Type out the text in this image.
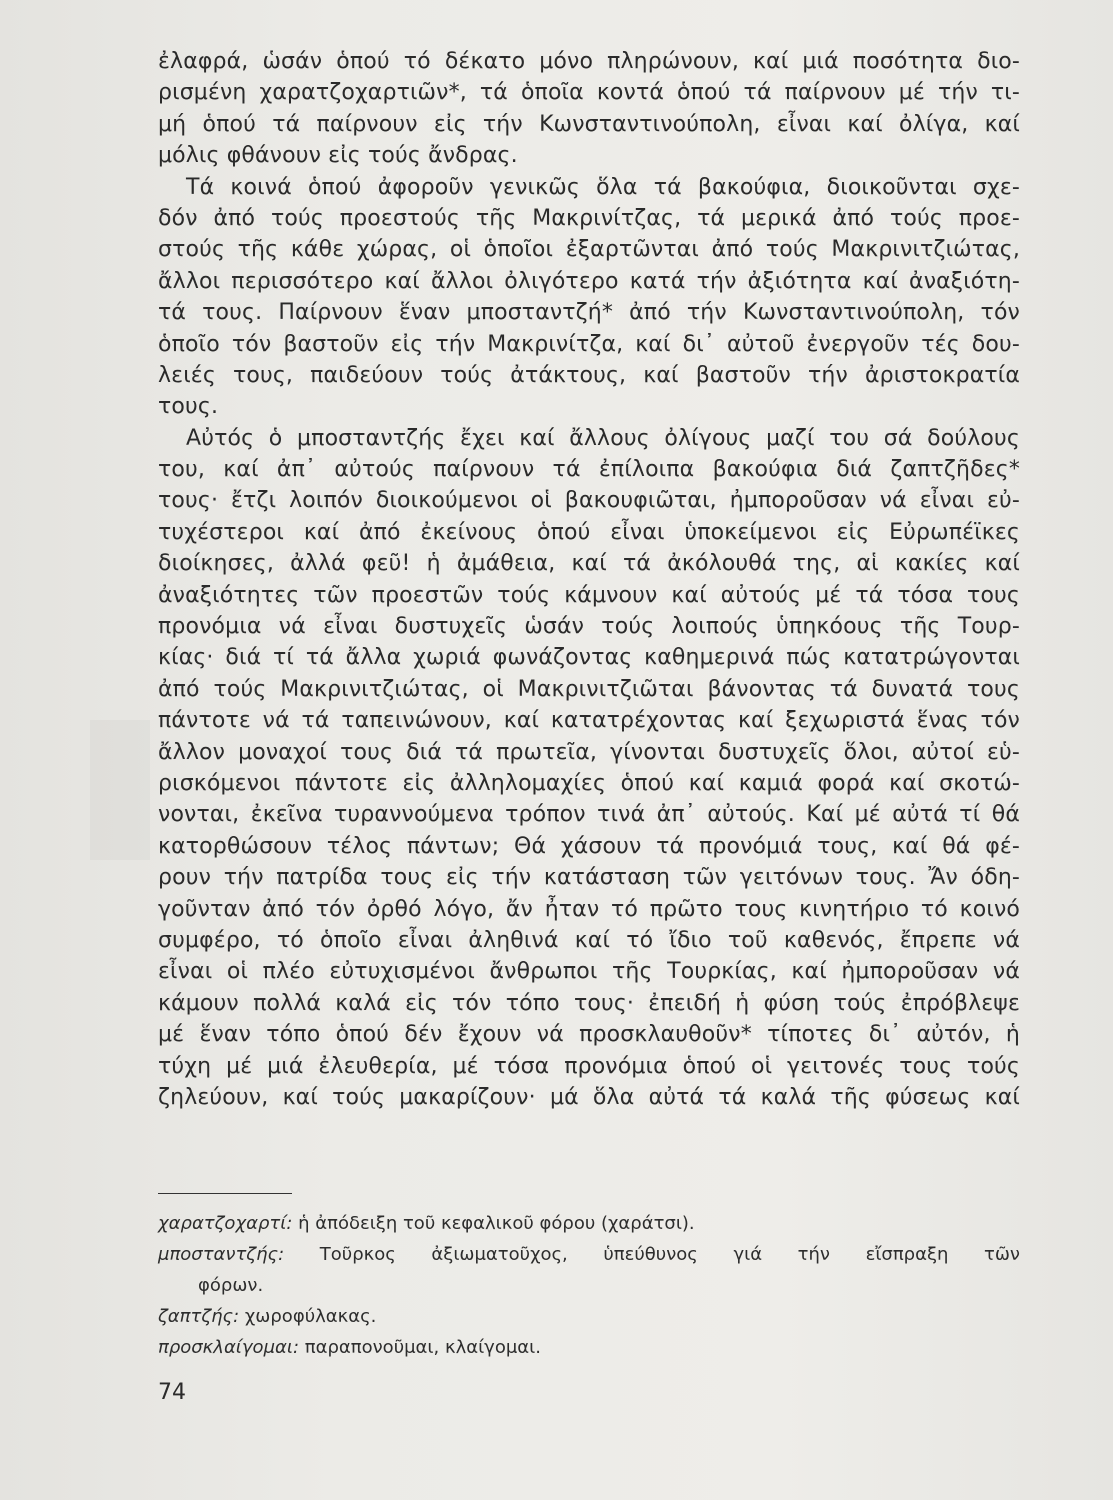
ἐλαφρά, ὡσάν ὁπού τό δέκατο μόνο πληρώνουν, καί μιά ποσότητα διο-
ρισμένη χαρατζοχαρτιῶν*, τά ὁποῖα κοντά ὁπού τά παίρνουν μέ τήν τι-
μή ὁπού τά παίρνουν εἰς τήν Κωνσταντινούπολη, εἶναι καί ὀλίγα, καί
μόλις φθάνουν εἰς τούς ἄνδρας.
Τά κοινά ὁπού ἀφοροῦν γενικῶς ὅλα τά βακούφια, διοικοῦνται σχε-
δόν ἀπό τούς προεστούς τῆς Μακρινίτζας, τά μερικά ἀπό τούς προε-
στούς τῆς κάθε χώρας, οἱ ὁποῖοι ἐξαρτῶνται ἀπό τούς Μακρινιτζιώτας,
ἄλλοι περισσότερο καί ἄλλοι ὀλιγότερο κατά τήν ἀξιότητα καί ἀναξιότη-
τά τους. Παίρνουν ἕναν μποσταντζή* ἀπό τήν Κωνσταντινούπολη, τόν
ὁποῖο τόν βαστοῦν εἰς τήν Μακρινίτζα, καί δι᾽ αὐτοῦ ἐνεργοῦν τές δου-
λειές τους, παιδεύουν τούς ἀτάκτους, καί βαστοῦν τήν ἀριστοκρατία
τους.
Αὐτός ὁ μποσταντζής ἔχει καί ἄλλους ὀλίγους μαζί του σά δούλους
του, καί ἀπ᾽ αὐτούς παίρνουν τά ἐπίλοιπα βακούφια διά ζαπτζῆδες*
τους· ἔτζι λοιπόν διοικούμενοι οἱ βακουφιῶται, ἠμποροῦσαν νά εἶναι εὐ-
τυχέστεροι καί ἀπό ἐκείνους ὁπού εἶναι ὑποκείμενοι εἰς Εὐρωπέϊκες
διοίκησες, ἀλλά φεῦ! ἡ ἀμάθεια, καί τά ἀκόλουθά της, αἱ κακίες καί
ἀναξιότητες τῶν προεστῶν τούς κάμνουν καί αὐτούς μέ τά τόσα τους
προνόμια νά εἶναι δυστυχεῖς ὡσάν τούς λοιπούς ὑπηκόους τῆς Τουρ-
κίας· διά τί τά ἄλλα χωριά φωνάζοντας καθημερινά πώς κατατρώγονται
ἀπό τούς Μακρινιτζιώτας, οἱ Μακρινιτζιῶται βάνοντας τά δυνατά τους
πάντοτε νά τά ταπεινώνουν, καί κατατρέχοντας καί ξεχωριστά ἕνας τόν
ἄλλον μοναχοί τους διά τά πρωτεῖα, γίνονται δυστυχεῖς ὅλοι, αὐτοί εὑ-
ρισκόμενοι πάντοτε εἰς ἀλληλομαχίες ὁπού καί καμιά φορά καί σκοτώ-
νονται, ἐκεῖνα τυραννούμενα τρόπον τινά ἀπ᾽ αὐτούς. Καί μέ αὐτά τί θά
κατορθώσουν τέλος πάντων; Θά χάσουν τά προνόμιά τους, καί θά φέ-
ρουν τήν πατρίδα τους εἰς τήν κατάσταση τῶν γειτόνων τους. Ἄν όδη-
γοῦνταν ἀπό τόν ὀρθό λόγο, ἄν ἦταν τό πρῶτο τους κινητήριο τό κοινό
συμφέρο, τό ὁποῖο εἶναι ἀληθινά καί τό ἴδιο τοῦ καθενός, ἔπρεπε νά
εἶναι οἱ πλέο εὐτυχισμένοι ἄνθρωποι τῆς Τουρκίας, καί ἠμποροῦσαν νά
κάμουν πολλά καλά εἰς τόν τόπο τους· ἐπειδή ἡ φύση τούς ἐπρόβλεψε
μέ ἕναν τόπο ὁπού δέν ἔχουν νά προσκλαυθοῦν* τίποτες δι᾽ αὐτόν, ἡ
τύχη μέ μιά ἐλευθερία, μέ τόσα προνόμια ὁπού οἱ γειτονές τους τούς
ζηλεύουν, καί τούς μακαρίζουν· μά ὅλα αὐτά τά καλά τῆς φύσεως καί
χαρατζοχαρτί: ἡ ἀπόδειξη τοῦ κεφαλικοῦ φόρου (χαράτσι).
μποσταντζής: Τοῦρκος ἀξιωματοῦχος, ὑπεύθυνος γιά τήν εἴσπραξη τῶν
φόρων.
ζαπτζής: χωροφύλακας.
προσκλαίγομαι: παραπονοῦμαι, κλαίγομαι.
74
